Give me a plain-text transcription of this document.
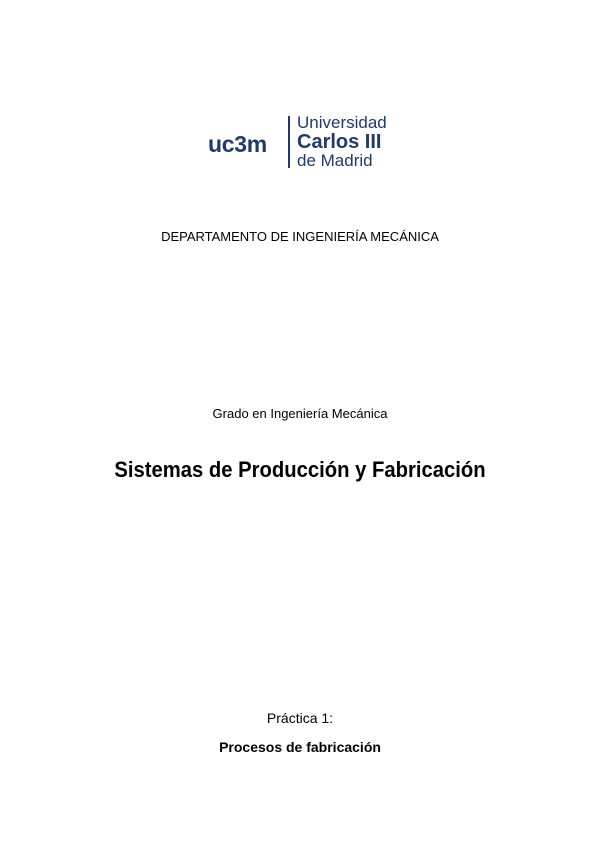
uc3m
Universidad
Carlos III
de Madrid
DEPARTAMENTO DE INGENIERÍA MECÁNICA
Grado en Ingeniería Mecánica
Sistemas de Producción y Fabricación
Práctica 1:
Procesos de fabricación
